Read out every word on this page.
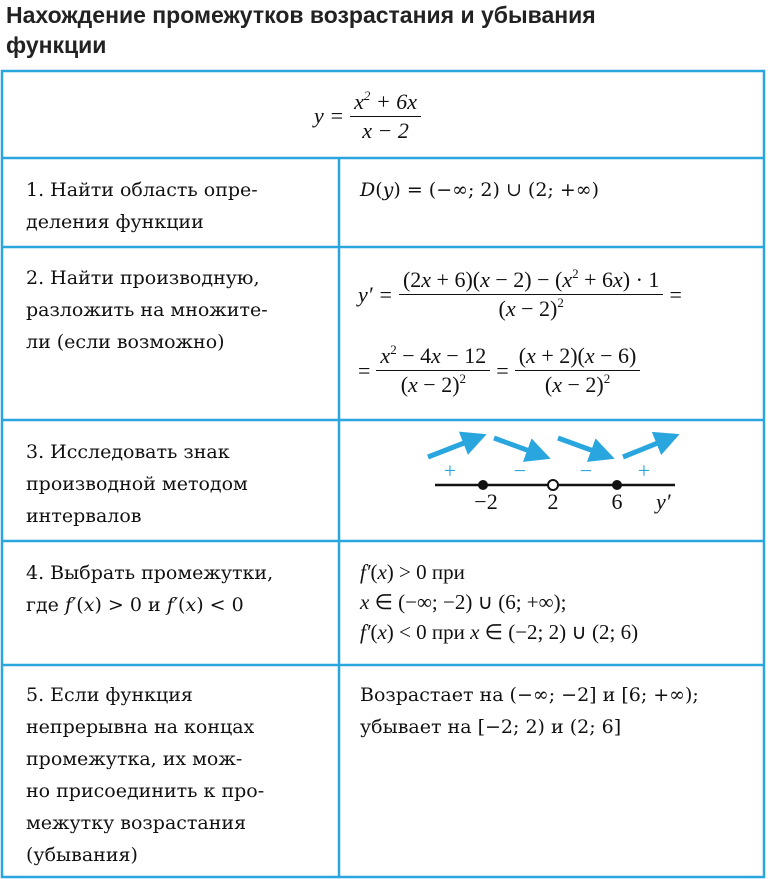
Нахождение промежутков возрастания и убывания
функции
$y = \frac{x^2 + 6x}{x - 2}$
1. Найти область опре-
деления функции
2. Найти производную,
разложить на множите-
ли (если возможно)
3. Исследовать знак
производной методом
интервалов
4. Выбрать промежутки,
где f′(x) > 0 и f′(x) < 0
5. Если функция
непрерывна на концах
промежутка, их мож-
но присоединить к про-
межутку возрастания
(убывания)
D(y) = (−∞; 2) ∪ (2; +∞)
$y' = \frac{(2x + 6)(x - 2) - (x^2 + 6x) \cdot 1}{(x - 2)^2}$ =
= $\frac{x^2 - 4x - 12}{(x - 2)^2} = \frac{(x + 2)(x - 6)}{(x - 2)^2}$
+	− − +
−2 2 6 y′
f′(x) > 0 при
x ∈ (−∞; −2) ∪ (6; +∞);
f′(x) < 0 при x ∈ (−2; 2) ∪ (2; 6)
Возрастает на (−∞; −2] и [6; +∞);
убывает на [−2; 2) и (2; 6]
